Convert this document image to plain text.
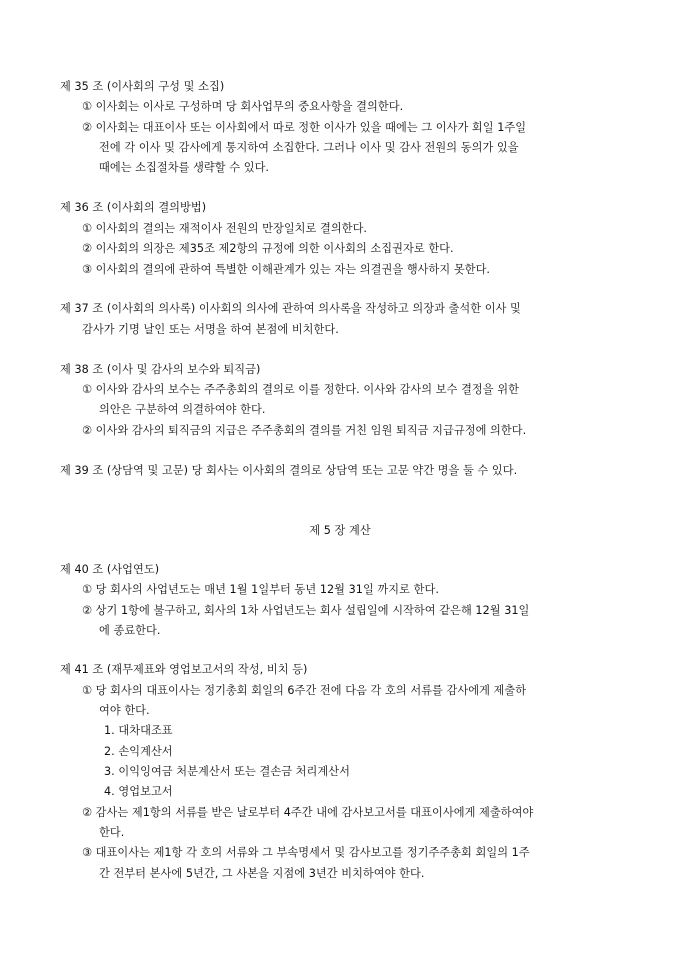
제 35 조 (이사회의 구성 및 소집)
① 이사회는 이사로 구성하며 당 회사업무의 중요사항을 결의한다.
② 이사회는 대표이사 또는 이사회에서 따로 정한 이사가 있을 때에는 그 이사가 회일 1주일
전에 각 이사 및 감사에게 통지하여 소집한다. 그러나 이사 및 감사 전원의 동의가 있을
때에는 소집절차를 생략할 수 있다.
제 36 조 (이사회의 결의방법)
① 이사회의 결의는 재적이사 전원의 만장일치로 결의한다.
② 이사회의 의장은 제35조 제2항의 규정에 의한 이사회의 소집권자로 한다.
③ 이사회의 결의에 관하여 특별한 이해관계가 있는 자는 의결권을 행사하지 못한다.
제 37 조 (이사회의 의사록) 이사회의 의사에 관하여 의사록을 작성하고 의장과 출석한 이사 및
감사가 기명 날인 또는 서명을 하여 본점에 비치한다.
제 38 조 (이사 및 감사의 보수와 퇴직금)
① 이사와 감사의 보수는 주주총회의 결의로 이를 정한다. 이사와 감사의 보수 결정을 위한
의안은 구분하여 의결하여야 한다.
② 이사와 감사의 퇴직금의 지급은 주주총회의 결의를 거친 임원 퇴직금 지급규정에 의한다.
제 39 조 (상담역 및 고문) 당 회사는 이사회의 결의로 상담역 또는 고문 약간 명을 둘 수 있다.
제 5 장 계산
제 40 조 (사업연도)
① 당 회사의 사업년도는 매년 1월 1일부터 동년 12월 31일 까지로 한다.
② 상기 1항에 불구하고, 회사의 1차 사업년도는 회사 설립일에 시작하여 같은해 12월 31일
에 종료한다.
제 41 조 (재무제표와 영업보고서의 작성, 비치 등)
① 당 회사의 대표이사는 정기총회 회일의 6주간 전에 다음 각 호의 서류를 감사에게 제출하
여야 한다.
1. 대차대조표
2. 손익계산서
3. 이익잉여금 처분계산서 또는 결손금 처리계산서
4. 영업보고서
② 감사는 제1항의 서류를 받은 날로부터 4주간 내에 감사보고서를 대표이사에게 제출하여야
한다.
③ 대표이사는 제1항 각 호의 서류와 그 부속명세서 및 감사보고를 정기주주총회 회일의 1주
간 전부터 본사에 5년간, 그 사본을 지점에 3년간 비치하여야 한다.
